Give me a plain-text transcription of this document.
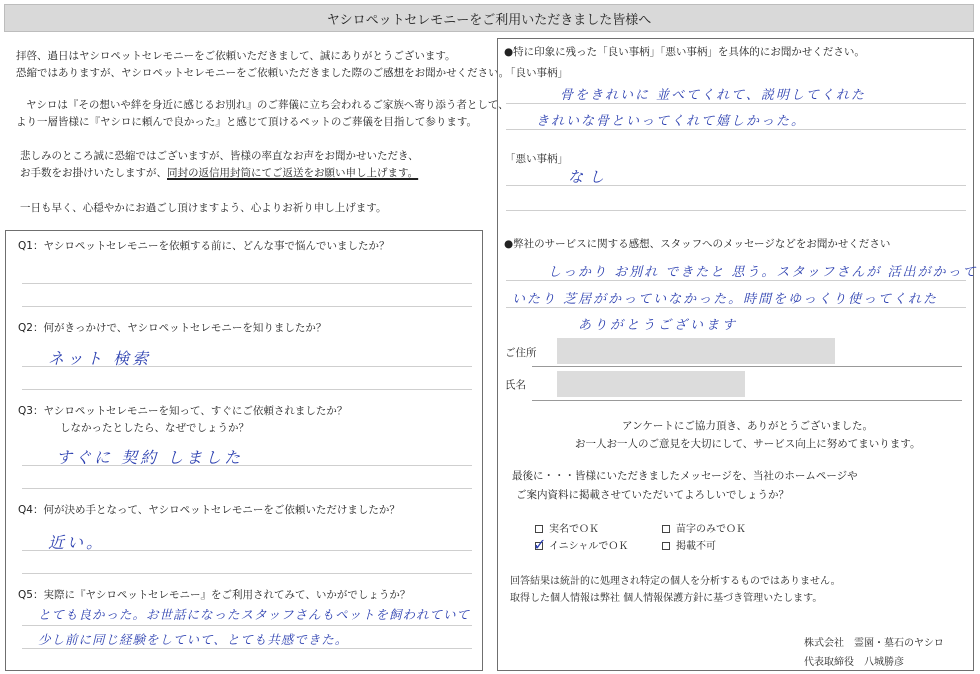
ヤシロペットセレモニーをご利用いただきました皆様へ
拝啓、過日はヤシロペットセレモニーをご依頼いただきまして、誠にありがとうございます。
恐縮ではありますが、ヤシロペットセレモニーをご依頼いただきました際のご感想をお聞かせください。
ヤシロは『その想いや絆を身近に感じるお別れ』のご葬儀に立ち会われるご家族へ寄り添う者として、
より一層皆様に『ヤシロに頼んで良かった』と感じて頂けるペットのご葬儀を目指して参ります。
悲しみのところ誠に恐縮ではございますが、皆様の率直なお声をお聞かせいただき、
お手数をお掛けいたしますが、同封の返信用封筒にてご返送をお願い申し上げます。
一日も早く、心穏やかにお過ごし頂けますよう、心よりお祈り申し上げます。
Q1：ヤシロペットセレモニーを依頼する前に、どんな事で悩んでいましたか？
Q2：何がきっかけで、ヤシロペットセレモニーを知りましたか？
ネット 検索
Q3：ヤシロペットセレモニーを知って、すぐにご依頼されましたか？
しなかったとしたら、なぜでしょうか？
すぐに 契約 しました
Q4：何が決め手となって、ヤシロペットセレモニーをご依頼いただけましたか？
近い。
Q5：実際に『ヤシロペットセレモニー』をご利用されてみて、いかがでしょうか？
とても良かった。お世話になったスタッフさんもペットを飼われていて
少し前に同じ経験をしていて、とても共感できた。
●特に印象に残った「良い事柄」「悪い事柄」を具体的にお聞かせください。
「良い事柄」
骨をきれいに 並べてくれて、説明してくれた
きれいな骨といってくれて嬉しかった。
「悪い事柄」
なし
●弊社のサービスに関する感想、スタッフへのメッセージなどをお聞かせください
しっかり お別れ できたと 思う。スタッフさんが 活出がかって
いたり 芝居がかっていなかった。時間をゆっくり使ってくれた
ありがとうございます
ご住所
氏名
アンケートにご協力頂き、ありがとうございました。
お一人お一人のご意見を大切にして、サービス向上に努めてまいります。
最後に・・・皆様にいただきましたメッセージを、当社のホームページや
ご案内資料に掲載させていただいてよろしいでしょうか？
実名でＯＫ	苗字のみでＯＫ
✓ イニシャルでＯＫ	掲載不可
回答結果は統計的に処理され特定の個人を分析するものではありません。
取得した個人情報は弊社 個人情報保護方針に基づき管理いたします。
株式会社　霊園・墓石のヤシロ
代表取締役　八城勝彦
